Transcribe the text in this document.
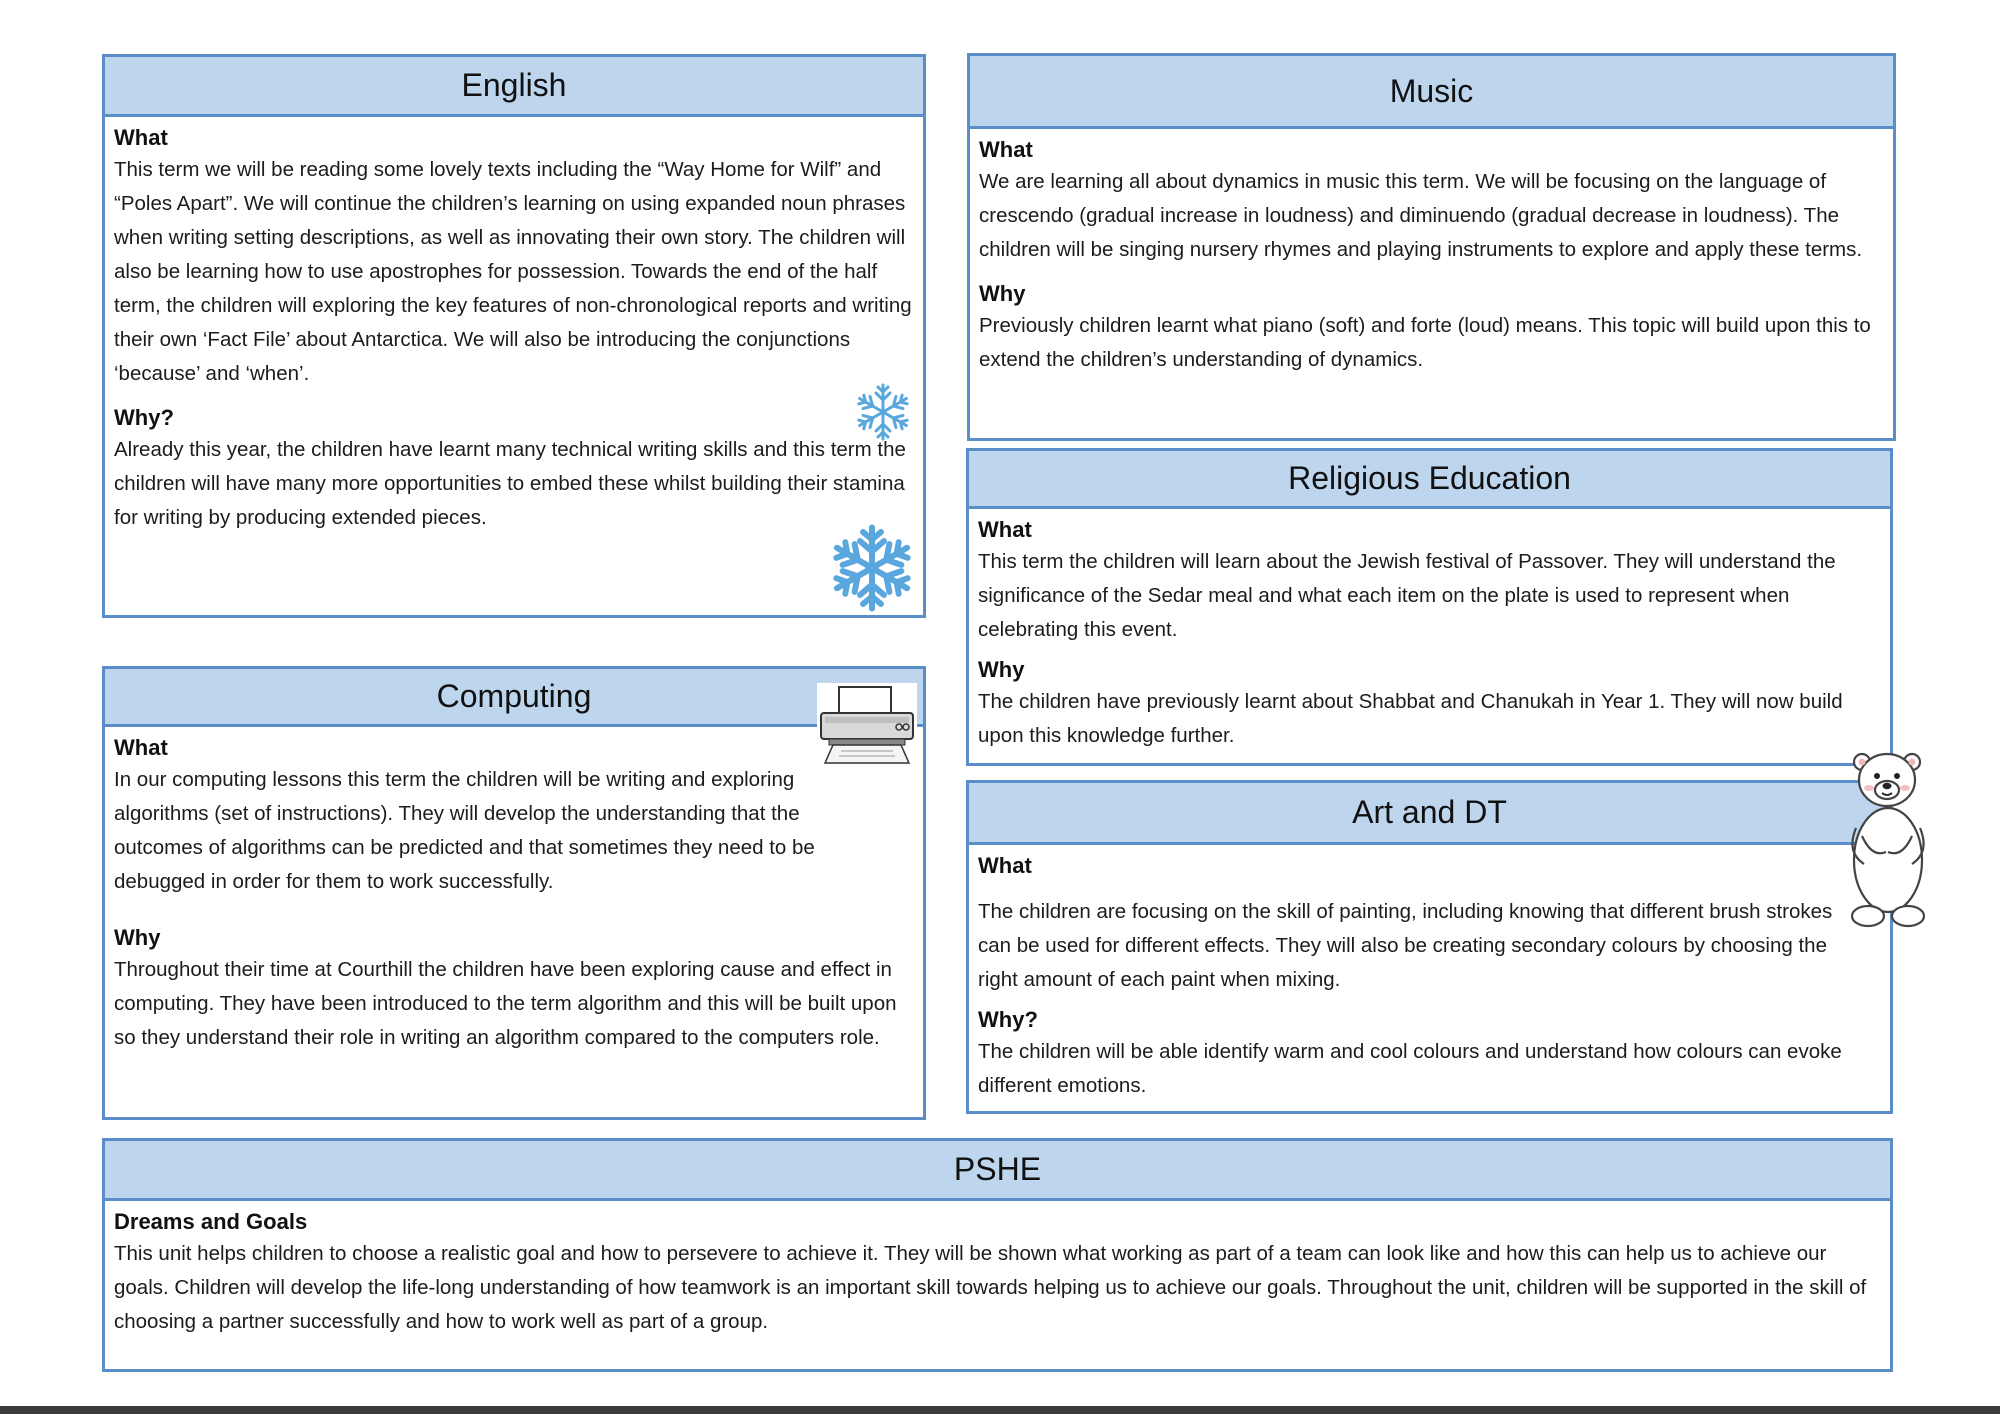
English
What

This term we will be reading some lovely texts including the “Way Home for Wilf” and “Poles Apart”. We will continue the children’s learning on using expanded noun phrases when writing setting descriptions, as well as innovating their own story. The children will also be learning how to use apostrophes for possession. Towards the end of the half term, the children will exploring the key features of non-chronological reports and writing their own ‘Fact File’ about Antarctica. We will also be introducing the conjunctions ‘because’ and ‘when’.

Why?

Already this year, the children have learnt many technical writing skills and this term the children will have many more opportunities to embed these whilst building their stamina for writing by producing extended pieces.

Computing
What

In our computing lessons this term the children will be writing and exploring algorithms (set of instructions). They will develop the understanding that the outcomes of algorithms can be predicted and that sometimes they need to be debugged in order for them to work successfully.

Why

Throughout their time at Courthill the children have been exploring cause and effect in computing. They have been introduced to the term algorithm and this will be built upon so they understand their role in writing an algorithm compared to the computers role.

Music
What

We are learning all about dynamics in music this term. We will be focusing on the language of crescendo (gradual increase in loudness) and diminuendo (gradual decrease in loudness). The children will be singing nursery rhymes and playing instruments to explore and apply these terms.

Why

Previously children learnt what piano (soft) and forte (loud) means. This topic will build upon this to extend the children’s understanding of dynamics.

Religious Education
What

This term the children will learn about the Jewish festival of Passover. They will understand the significance of the Sedar meal and what each item on the plate is used to represent when celebrating this event.

Why

The children have previously learnt about Shabbat and Chanukah in Year 1. They will now build upon this knowledge further.

Art and DT
What

The children are focusing on the skill of painting, including knowing that different brush strokes can be used for different effects. They will also be creating secondary colours by choosing the right amount of each paint when mixing.

Why?

The children will be able identify warm and cool colours and understand how colours can evoke different emotions.

PSHE
Dreams and Goals

This unit helps children to choose a realistic goal and how to persevere to achieve it. They will be shown what working as part of a team can look like and how this can help us to achieve our goals. Children will develop the life-long understanding of how teamwork is an important skill towards helping us to achieve our goals. Throughout the unit, children will be supported in the skill of choosing a partner successfully and how to work well as part of a group.
